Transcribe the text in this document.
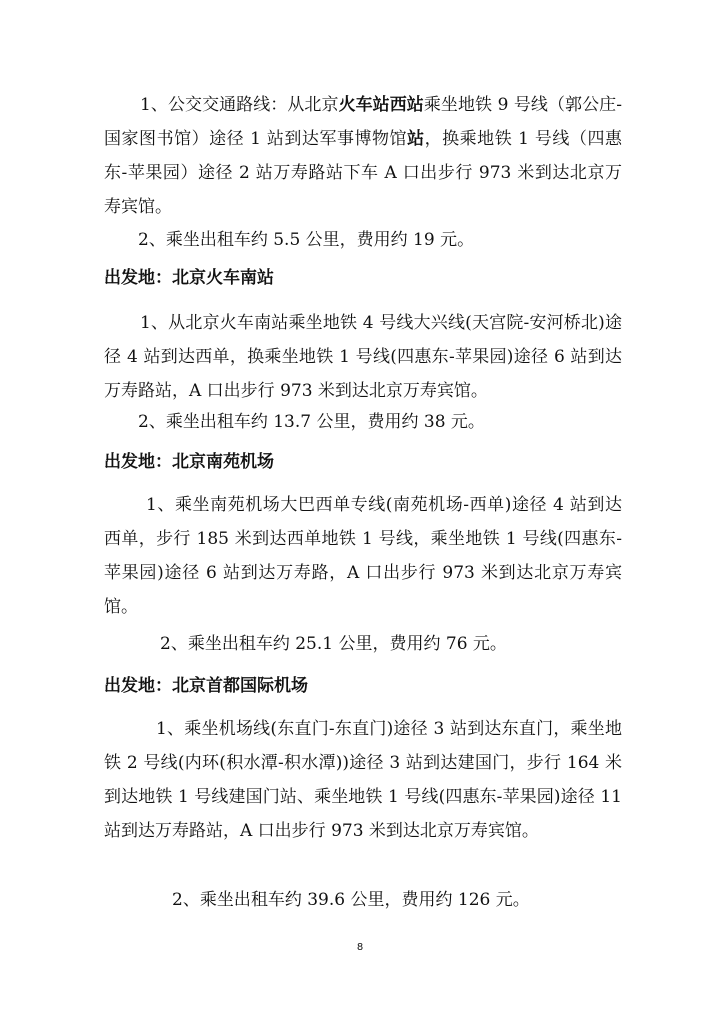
1、公交交通路线：从北京火车站西站乘坐地铁 9 号线（郭公庄-国家图书馆）途径 1 站到达军事博物馆站，换乘地铁 1 号线（四惠东-苹果园）途径 2 站万寿路站下车 A 口出步行 973 米到达北京万寿宾馆。
2、乘坐出租车约 5.5 公里，费用约 19 元。
出发地：北京火车南站
1、从北京火车南站乘坐地铁 4 号线大兴线(天宫院-安河桥北)途径 4 站到达西单，换乘坐地铁 1 号线(四惠东-苹果园)途径 6 站到达万寿路站，A 口出步行 973 米到达北京万寿宾馆。
2、乘坐出租车约 13.7 公里，费用约 38 元。
出发地：北京南苑机场
1、乘坐南苑机场大巴西单专线(南苑机场-西单)途径 4 站到达西单，步行 185 米到达西单地铁 1 号线，乘坐地铁 1 号线(四惠东-苹果园)途径 6 站到达万寿路，A 口出步行 973 米到达北京万寿宾馆。
2、乘坐出租车约 25.1 公里，费用约 76 元。
出发地：北京首都国际机场
1、乘坐机场线(东直门-东直门)途径 3 站到达东直门，乘坐地铁 2 号线(内环(积水潭-积水潭))途径 3 站到达建国门，步行 164 米到达地铁 1 号线建国门站、乘坐地铁 1 号线(四惠东-苹果园)途径 11 站到达万寿路站，A 口出步行 973 米到达北京万寿宾馆。
2、乘坐出租车约 39.6 公里，费用约 126 元。
8
